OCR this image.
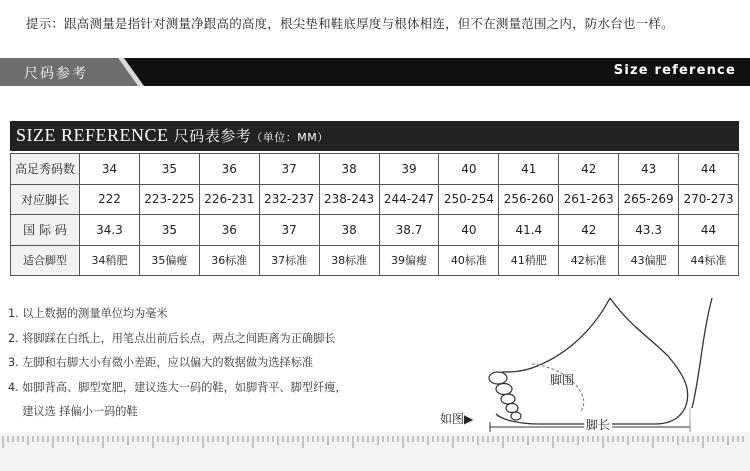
提示：跟高测量是指针对测量净跟高的高度，根尖垫和鞋底厚度与根体相连，但不在测量范围之内，防水台也一样。
尺码参考	Size reference
SIZE REFERENCE 尺码表参考（单位：MM）
高足秀码数	34	35	36	37	38	39	40	41	42	43	44
对应脚长	222	223-225	226-231	232-237	238-243	244-247	250-254	256-260	261-263	265-269	270-273
国 际 码	34.3	35	36	37	38	38.7	40	41.4	42	43.3	44
适合脚型	34稍肥	35偏瘦	36标准	37标准	38标准	39偏瘦	40标准	41稍肥	42标准	43偏肥	44标准
1. 以上数据的测量单位均为毫米
2. 将脚踩在白纸上，用笔点出前后长点，两点之间距离为正确脚长
3. 左脚和右脚大小有微小差距，应以偏大的数据做为选择标准
4. 如脚背高、脚型宽肥，建议选大一码的鞋，如脚背平、脚型纤瘦，
建议选 择偏小一码的鞋
脚围
脚长
如图▶
